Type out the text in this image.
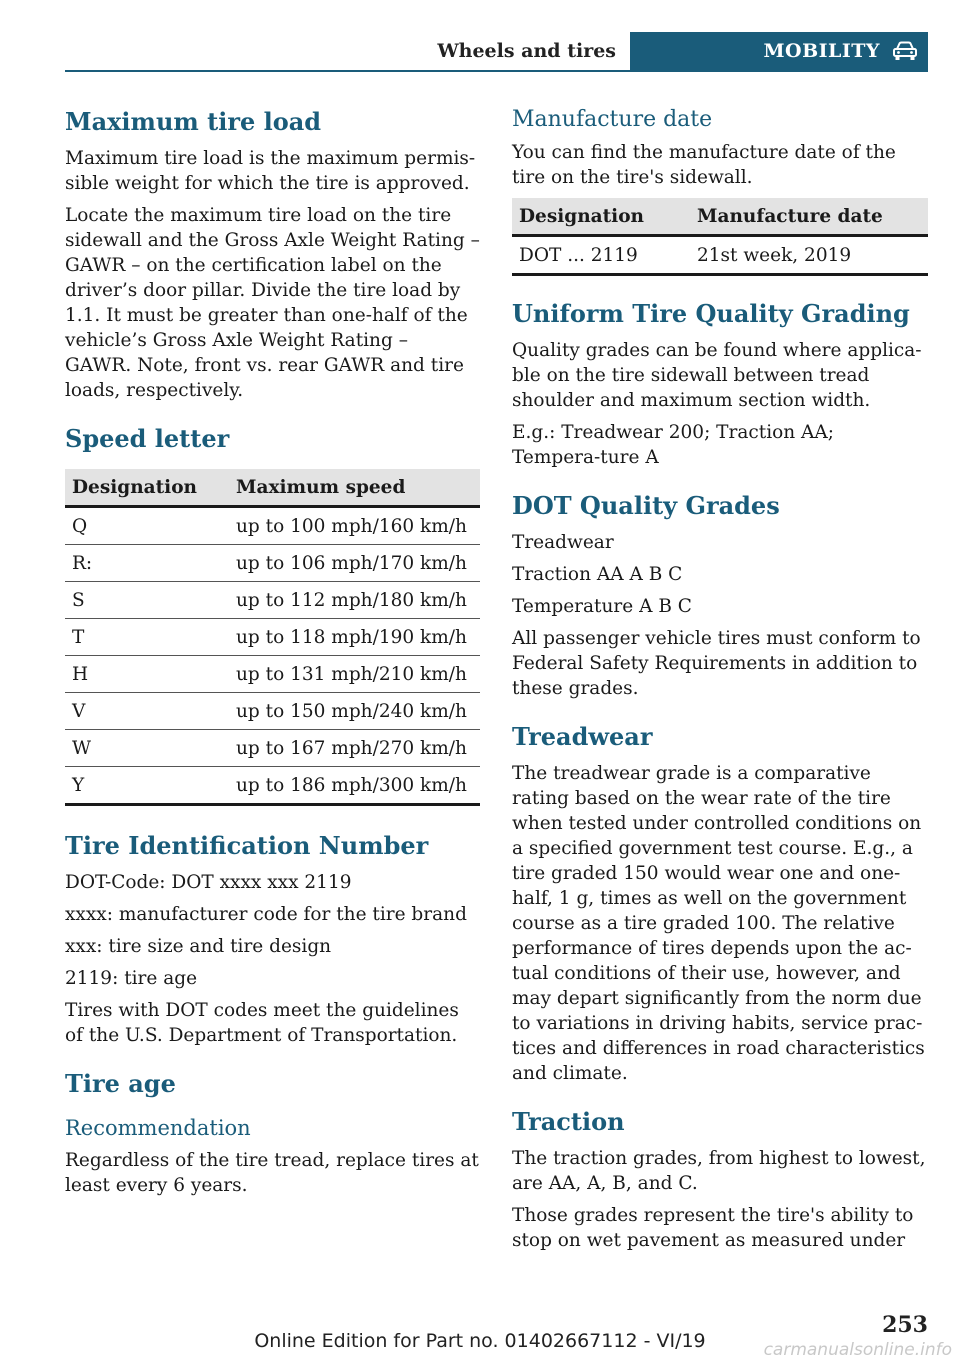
Wheels and tires	MOBILITY
Maximum tire load

Maximum tire load is the maximum permis-sible weight for which the tire is approved.

Locate the maximum tire load on the tire sidewall and the Gross Axle Weight Rating – GAWR – on the certification label on the driver’s door pillar. Divide the tire load by 1.1. It must be greater than one-half of the vehicle’s Gross Axle Weight Rating – GAWR. Note, front vs. rear GAWR and tire loads, respectively.

Speed letter
Designation	Maximum speed
Q	up to 100 mph/160 km/h
R:	up to 106 mph/170 km/h
S	up to 112 mph/180 km/h
T	up to 118 mph/190 km/h
H	up to 131 mph/210 km/h
V	up to 150 mph/240 km/h
W	up to 167 mph/270 km/h
Y	up to 186 mph/300 km/h
Tire Identification Number

DOT-Code: DOT xxxx xxx 2119

xxxx: manufacturer code for the tire brand

xxx: tire size and tire design

2119: tire age

Tires with DOT codes meet the guidelines of the U.S. Department of Transportation.

Tire age
Recommendation

Regardless of the tire tread, replace tires at least every 6 years.

Manufacture date

You can find the manufacture date of the tire on the tire's sidewall.

Designation	Manufacture date
DOT ... 2119	21st week, 2019
Uniform Tire Quality Grading

Quality grades can be found where applica-ble on the tire sidewall between tread shoulder and maximum section width.

E.g.: Treadwear 200; Traction AA; Tempera-ture A

DOT Quality Grades

Treadwear

Traction AA A B C

Temperature A B C

All passenger vehicle tires must conform to Federal Safety Requirements in addition to these grades.

Treadwear

The treadwear grade is a comparative rating based on the wear rate of the tire when tested under controlled conditions on a specified government test course. E.g., a tire graded 150 would wear one and one-half, 1 g, times as well on the government course as a tire graded 100. The relative performance of tires depends upon the ac-tual conditions of their use, however, and may depart significantly from the norm due to variations in driving habits, service prac-tices and differences in road characteristics and climate.

Traction

The traction grades, from highest to lowest, are AA, A, B, and C.

Those grades represent the tire's ability to stop on wet pavement as measured under

253
Online Edition for Part no. 01402667112 - VI/19	carmanualsonline.info
